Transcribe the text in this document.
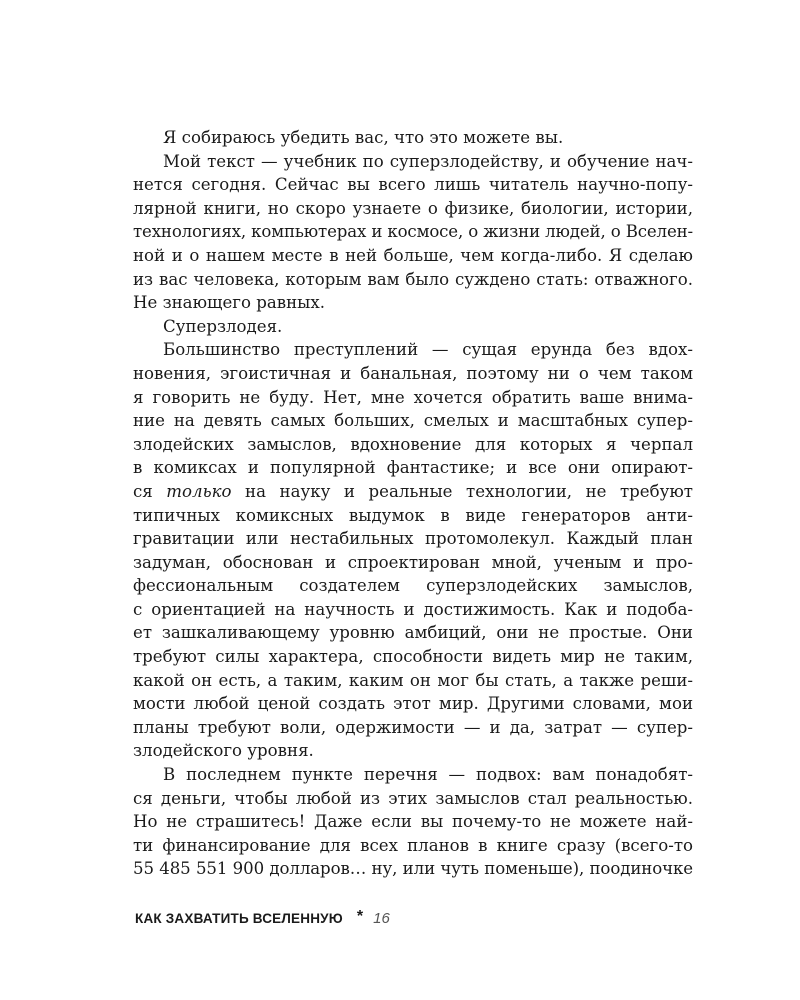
Я собираюсь убедить вас, что это можете вы.
Мой текст — учебник по суперзлодейству, и обучение нач-
нется сегодня. Сейчас вы всего лишь читатель научно-попу-
лярной книги, но скоро узнаете о физике, биологии, истории,
технологиях, компьютерах и космосе, о жизни людей, о Вселен-
ной и о нашем месте в ней больше, чем когда-либо. Я сделаю
из вас человека, которым вам было суждено стать: отважного.
Не знающего равных.
Суперзлодея.
Большинство преступлений — сущая ерунда без вдох-
новения, эгоистичная и банальная, поэтому ни о чем таком
я говорить не буду. Нет, мне хочется обратить ваше внима-
ние на девять самых больших, смелых и масштабных супер-
злодейских замыслов, вдохновение для которых я черпал
в комиксах и популярной фантастике; и все они опирают-
ся только на науку и реальные технологии, не требуют
типичных комиксных выдумок в виде генераторов анти-
гравитации или нестабильных протомолекул. Каждый план
задуман, обоснован и спроектирован мной, ученым и про-
фессиональным создателем суперзлодейских замыслов,
с ориентацией на научность и достижимость. Как и подоба-
ет зашкаливающему уровню амбиций, они не простые. Они
требуют силы характера, способности видеть мир не таким,
какой он есть, а таким, каким он мог бы стать, а также реши-
мости любой ценой создать этот мир. Другими словами, мои
планы требуют воли, одержимости — и да, затрат — супер-
злодейского уровня.
В последнем пункте перечня — подвох: вам понадобят-
ся деньги, чтобы любой из этих замыслов стал реальностью.
Но не страшитесь! Даже если вы почему-то не можете най-
ти финансирование для всех планов в книге сразу (всего-то
55 485 551 900 долларов… ну, или чуть поменьше), поодиночке
КАК ЗАХВАТИТЬ ВСЕЛЕННУЮ * 16
